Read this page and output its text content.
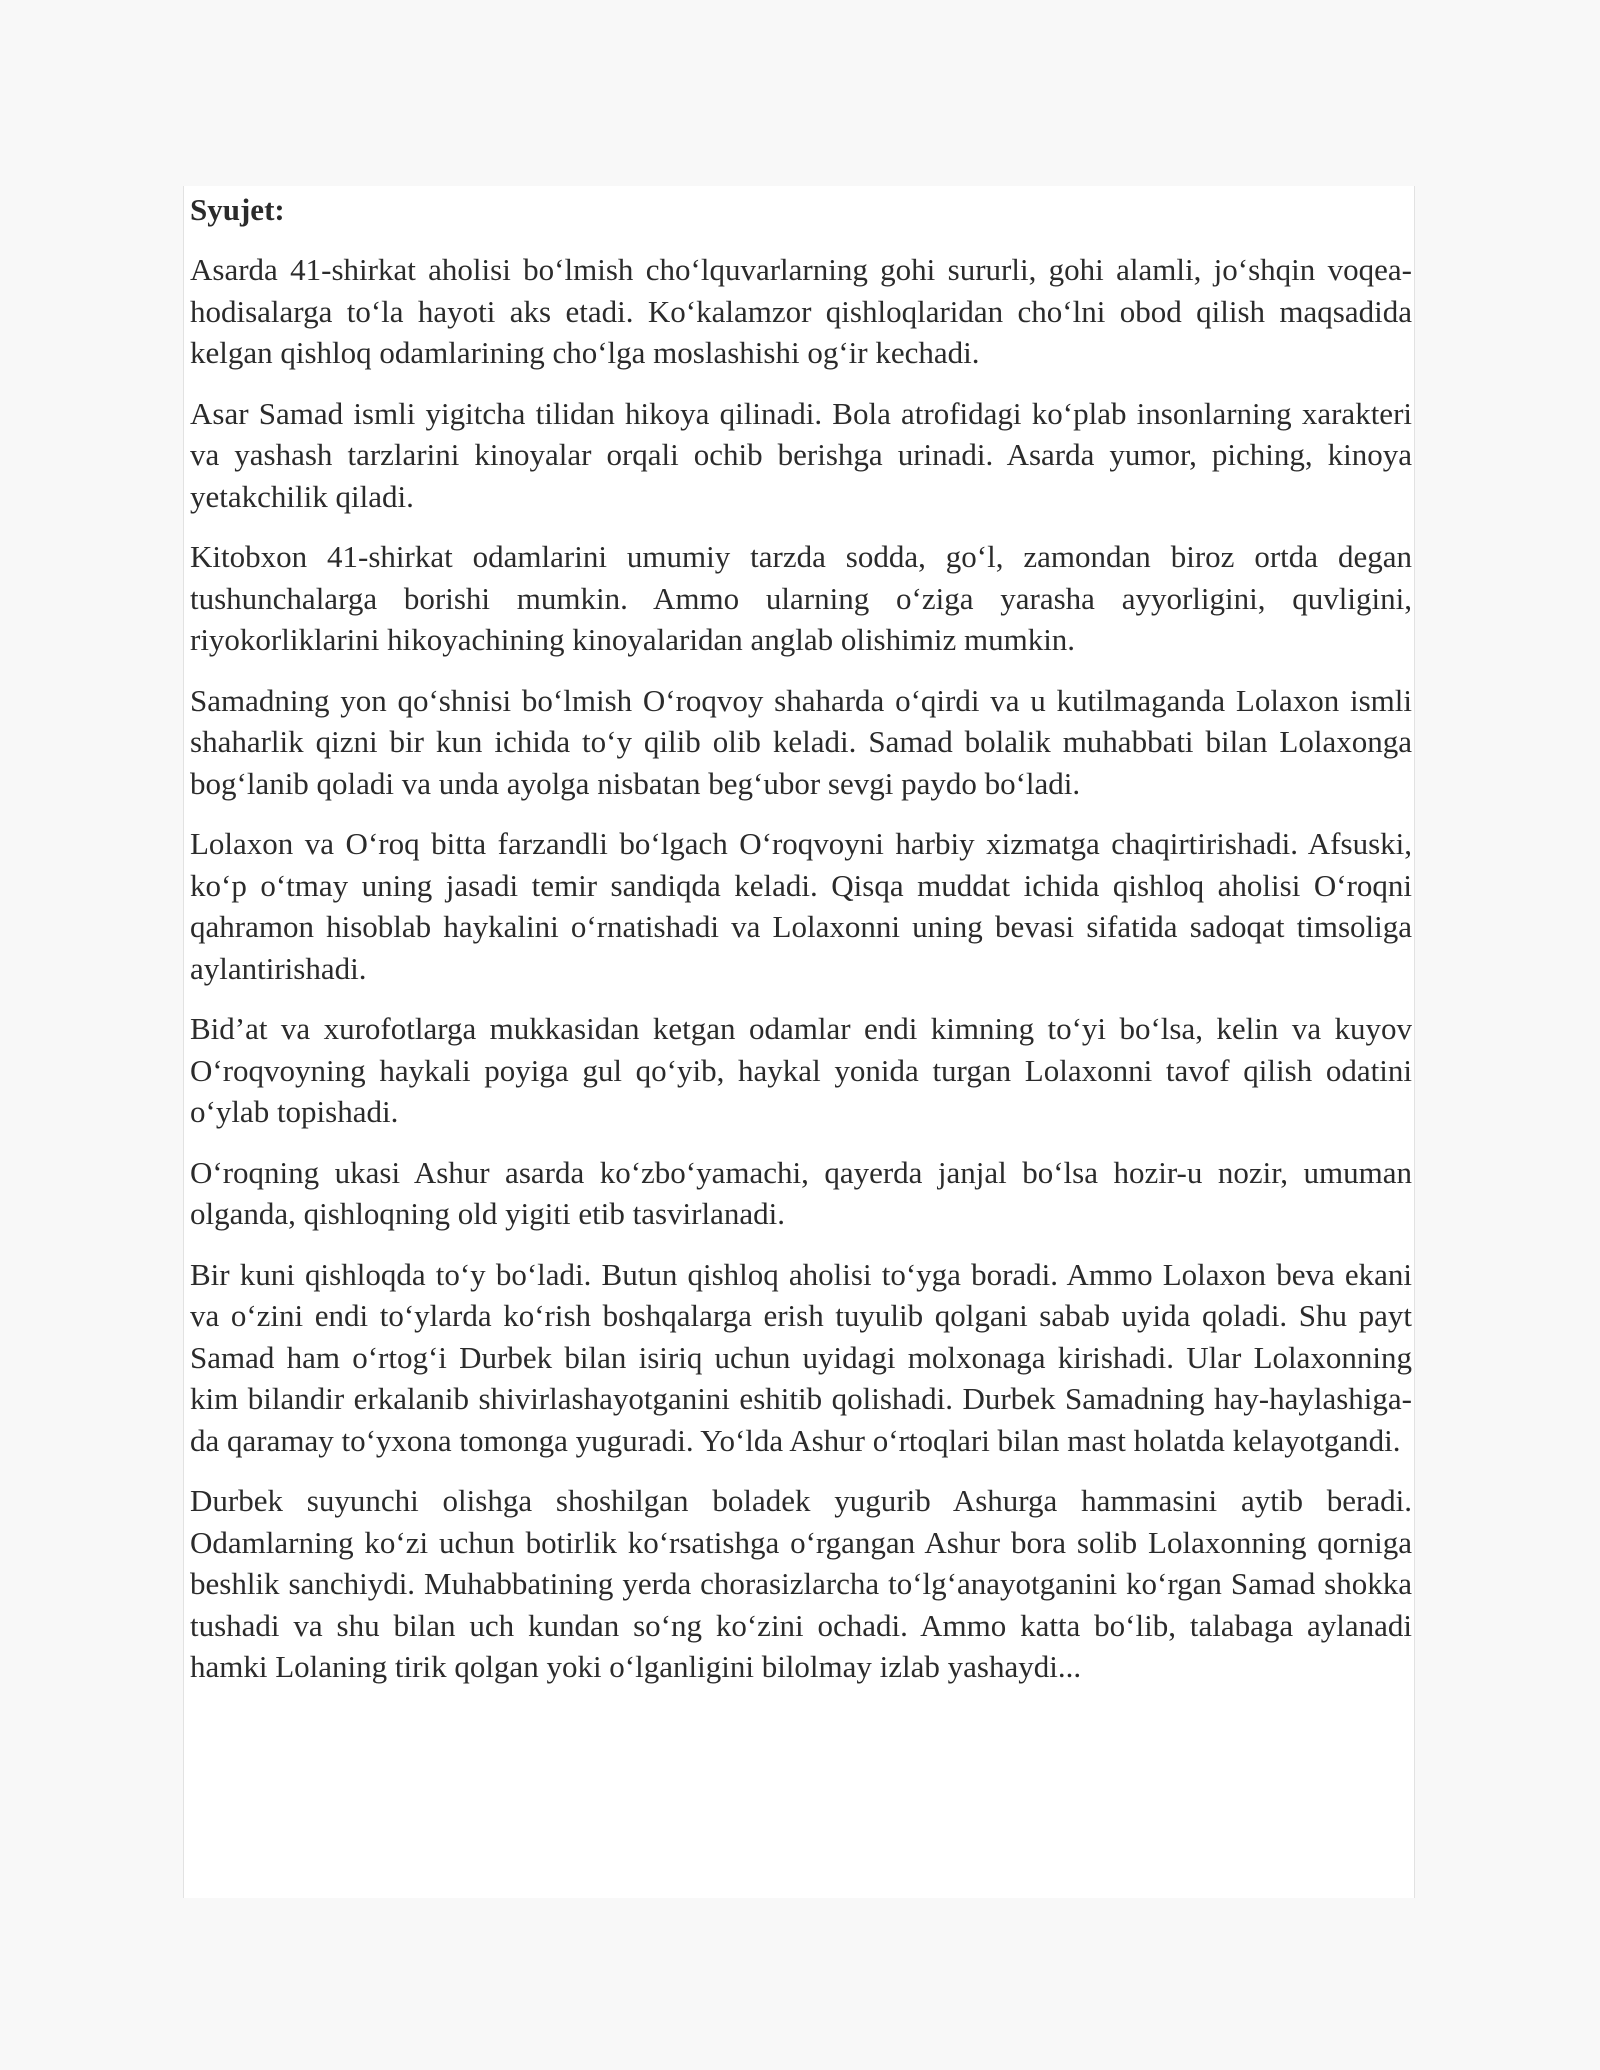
Syujet:

Asarda 41-shirkat aholisi bo‘lmish cho‘lquvarlarning gohi sururli, gohi alamli, jo‘shqin voqea-hodisalarga to‘la hayoti aks etadi. Ko‘kalamzor qishloqlaridan cho‘lni obod qilish maqsadida kelgan qishloq odamlarining cho‘lga moslashishi og‘ir kechadi.

Asar Samad ismli yigitcha tilidan hikoya qilinadi. Bola atrofidagi ko‘plab insonlarning xarakteri va yashash tarzlarini kinoyalar orqali ochib berishga urinadi. Asarda yumor, piching, kinoya yetakchilik qiladi.

Kitobxon 41-shirkat odamlarini umumiy tarzda sodda, go‘l, zamondan biroz ortda degan tushunchalarga borishi mumkin. Ammo ularning o‘ziga yarasha ayyorligini, quvligini, riyokorliklarini hikoyachining kinoyalaridan anglab olishimiz mumkin.

Samadning yon qo‘shnisi bo‘lmish O‘roqvoy shaharda o‘qirdi va u kutilmaganda Lolaxon ismli shaharlik qizni bir kun ichida to‘y qilib olib keladi. Samad bolalik muhabbati bilan Lolaxonga bog‘lanib qoladi va unda ayolga nisbatan beg‘ubor sevgi paydo bo‘ladi.

Lolaxon va O‘roq bitta farzandli bo‘lgach O‘roqvoyni harbiy xizmatga chaqirtirishadi. Afsuski, ko‘p o‘tmay uning jasadi temir sandiqda keladi. Qisqa muddat ichida qishloq aholisi O‘roqni qahramon hisoblab haykalini o‘rnatishadi va Lolaxonni uning bevasi sifatida sadoqat timsoliga aylantirishadi.

Bid’at va xurofotlarga mukkasidan ketgan odamlar endi kimning to‘yi bo‘lsa, kelin va kuyov O‘roqvoyning haykali poyiga gul qo‘yib, haykal yonida turgan Lolaxonni tavof qilish odatini o‘ylab topishadi.

O‘roqning ukasi Ashur asarda ko‘zbo‘yamachi, qayerda janjal bo‘lsa hozir-u nozir, umuman olganda, qishloqning old yigiti etib tasvirlanadi.

Bir kuni qishloqda to‘y bo‘ladi. Butun qishloq aholisi to‘yga boradi. Ammo Lolaxon beva ekani va o‘zini endi to‘ylarda ko‘rish boshqalarga erish tuyulib qolgani sabab uyida qoladi. Shu payt Samad ham o‘rtog‘i Durbek bilan isiriq uchun uyidagi molxonaga kirishadi. Ular Lolaxonning kim bilandir erkalanib shivirlashayotganini eshitib qolishadi. Durbek Samadning hay-haylashiga-da qaramay to‘yxona tomonga yuguradi. Yo‘lda Ashur o‘rtoqlari bilan mast holatda kelayotgandi.

Durbek suyunchi olishga shoshilgan boladek yugurib Ashurga hammasini aytib beradi. Odamlarning ko‘zi uchun botirlik ko‘rsatishga o‘rgangan Ashur bora solib Lolaxonning qorniga beshlik sanchiydi. Muhabbatining yerda chorasizlarcha to‘lg‘anayotganini ko‘rgan Samad shokka tushadi va shu bilan uch kundan so‘ng ko‘zini ochadi. Ammo katta bo‘lib, talabaga aylanadi hamki Lolaning tirik qolgan yoki o‘lganligini bilolmay izlab yashaydi...
